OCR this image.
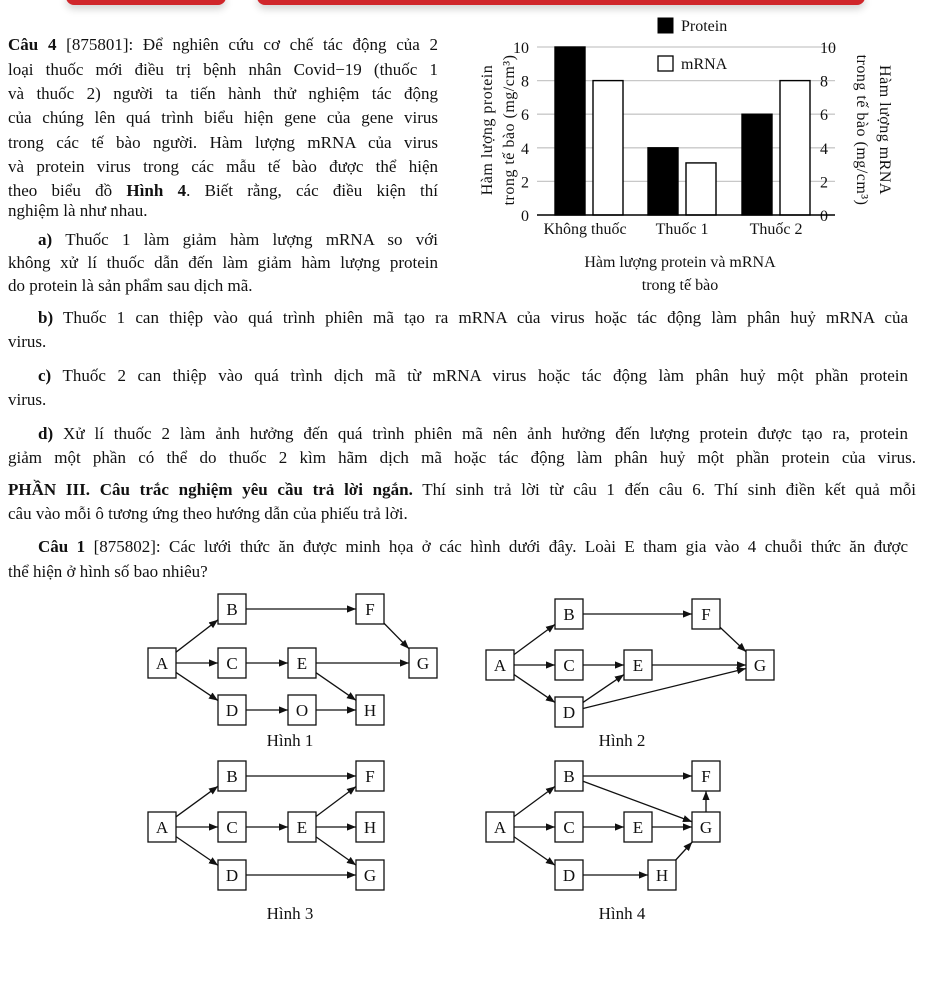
Câu 4 [875801]: Để nghiên cứu cơ chế tác động của 2
loại thuốc mới điều trị bệnh nhân Covid−19 (thuốc 1
và thuốc 2) người ta tiến hành thử nghiệm tác động
của chúng lên quá trình biểu hiện gene của gene virus
trong các tế bào người. Hàm lượng mRNA của virus
và protein virus trong các mẫu tế bào được thể hiện
theo biểu đồ Hình 4. Biết rằng, các điều kiện thí
nghiệm là như nhau.
a) Thuốc 1 làm giảm hàm lượng mRNA so với
không xử lí thuốc dẫn đến làm giảm hàm lượng protein
do protein là sản phẩm sau dịch mã.
b) Thuốc 1 can thiệp vào quá trình phiên mã tạo ra mRNA của virus hoặc tác động làm phân huỷ mRNA của
virus.
c) Thuốc 2 can thiệp vào quá trình dịch mã từ mRNA virus hoặc tác động làm phân huỷ một phần protein
virus.
d) Xử lí thuốc 2 làm ảnh hưởng đến quá trình phiên mã nên ảnh hưởng đến lượng protein được tạo ra, protein
giảm một phần có thể do thuốc 2 kìm hãm dịch mã hoặc tác động làm phân huỷ một phần protein của virus.
PHẦN III. Câu trắc nghiệm yêu cầu trả lời ngắn. Thí sinh trả lời từ câu 1 đến câu 6. Thí sinh điền kết quả mỗi
câu vào mỗi ô tương ứng theo hướng dẫn của phiếu trả lời.
Câu 1 [875802]: Các lưới thức ăn được minh họa ở các hình dưới đây. Loài E tham gia vào 4 chuỗi thức ăn được
thể hiện ở hình số bao nhiêu?
0	0
2	2
4	4
6	6
8	8
10	10
Không thuốc Thuốc 1	Thuốc 2
Protein
mRNA
Hàm lượng protein và mRNA
trong tế bào
Hàm lượng protein trong tế bào (mg/cm³)	Hàm lượng mRNA
trong tế bào (mg/cm³)
A
B
C
D
E
F
G
H
O
Hình 1
A
B
C
D
E
F
G
Hình 2
A
B
C
D
E
F
G
H
Hình 3
A
B
C
D
E
F
G
H
Hình 4
